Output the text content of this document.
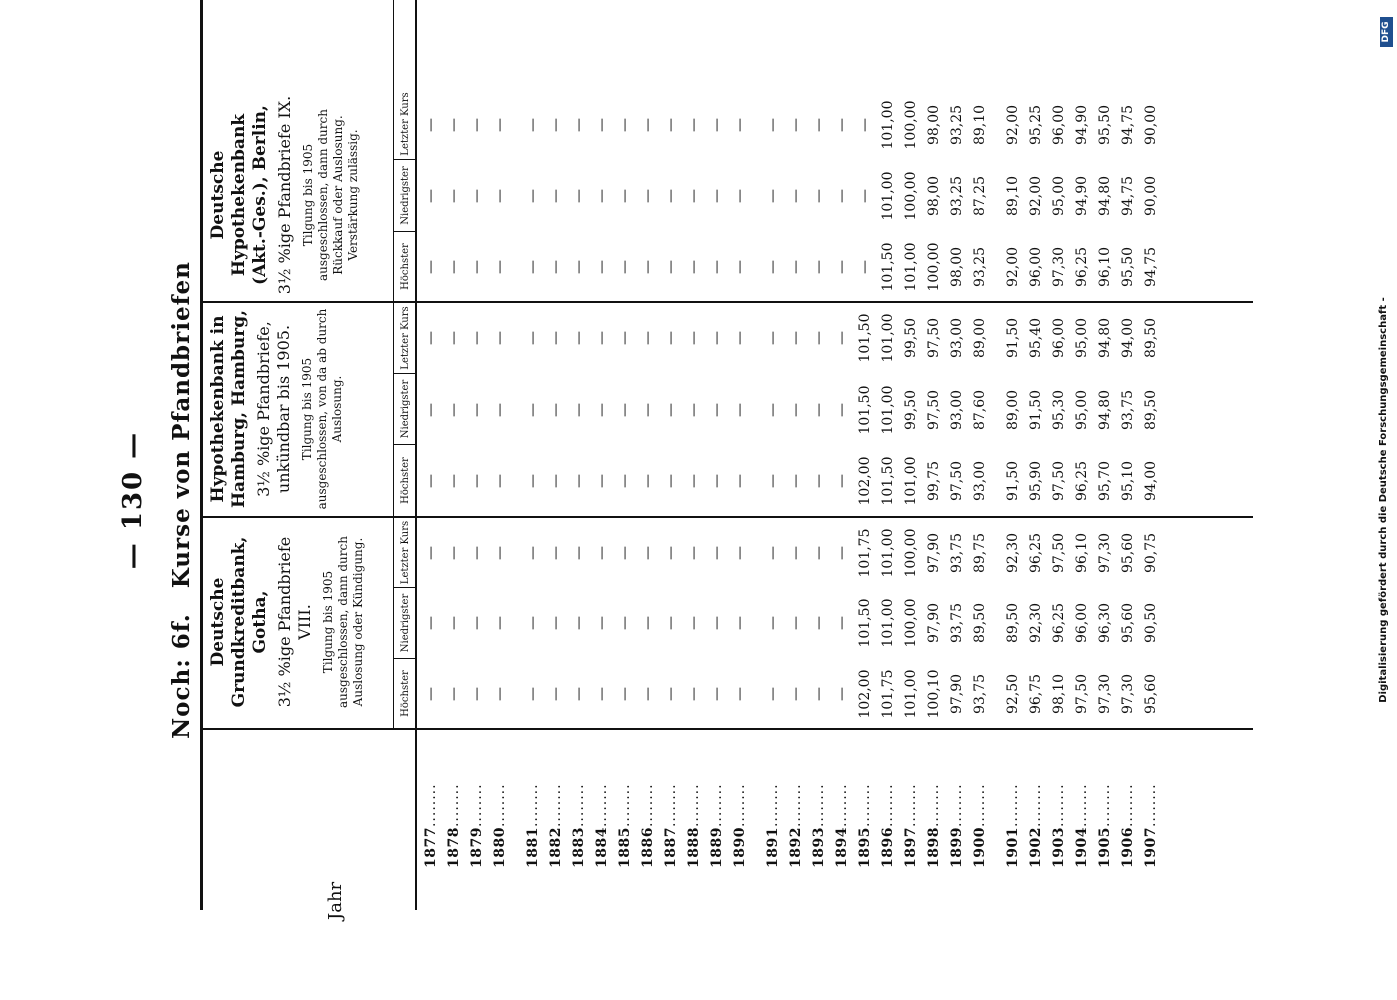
— 130 —
Noch: 6f. Kurse von Pfandbriefen
Jahr

Deutsche Grundkreditbank, Gotha, 3½ %ige Pfandbriefe VIII. Tilgung bis 1905 ausgeschlossen, dann durch Auslosung oder Kündigung.

Hypothekenbank in Hamburg, Hamburg, 3½ %ige Pfandbriefe, unkündbar bis 1905. Tilgung bis 1905 ausgeschlossen, von da ab durch Auslosung.

Deutsche Hypothekenbank (Akt.-Ges.), Berlin, 3½ %ige Pfandbriefe IX. Tilgung bis 1905 ausgeschlossen, dann durch Rückkauf oder Auslosung. Verstärkung zulässig.

Höchster
Niedrigster
Letzter Kurs
Höchster
Niedrigster
Letzter Kurs
Höchster
Niedrigster
Letzter Kurs
1877........
—
—
—
—
—
—
—
—
—
1878........
—
—
—
—
—
—
—
—
—
1879........
—
—
—
—
—
—
—
—
—
1880........
—
—
—
—
—
—
—
—
—
1881........
—
—
—
—
—
—
—
—
—
1882........
—
—
—
—
—
—
—
—
—
1883........
—
—
—
—
—
—
—
—
—
1884........
—
—
—
—
—
—
—
—
—
1885........
—
—
—
—
—
—
—
—
—
1886........
—
—
—
—
—
—
—
—
—
1887........
—
—
—
—
—
—
—
—
—
1888........
—
—
—
—
—
—
—
—
—
1889........
—
—
—
—
—
—
—
—
—
1890........
—
—
—
—
—
—
—
—
—
1891........
—
—
—
—
—
—
—
—
—
1892........
—
—
—
—
—
—
—
—
—
1893........
—
—
—
—
—
—
—
—
—
1894........
—
—
—
—
—
—
—
—
—
1895........
102,00
101,50
101,75
102,00
101,50
101,50
—
—
—
1896........
101,75
101,00
101,00
101,50
101,00
101,00
101,50
101,00
101,00
1897........
101,00
100,00
100,00
101,00
99,50
99,50
101,00
100,00
100,00
1898........
100,10
97,90
97,90
99,75
97,50
97,50
100,00
98,00
98,00
1899........
97,90
93,75
93,75
97,50
93,00
93,00
98,00
93,25
93,25
1900........
93,75
89,50
89,75
93,00
87,60
89,00
93,25
87,25
89,10
1901........
92,50
89,50
92,30
91,50
89,00
91,50
92,00
89,10
92,00
1902........
96,75
92,30
96,25
95,90
91,50
95,40
96,00
92,00
95,25
1903........
98,10
96,25
97,50
97,50
95,30
96,00
97,30
95,00
96,00
1904........
97,50
96,00
96,10
96,25
95,00
95,00
96,25
94,90
94,90
1905........
97,30
96,30
97,30
95,70
94,80
94,80
96,10
94,80
95,50
1906........
97,30
95,60
95,60
95,10
93,75
94,00
95,50
94,75
94,75
1907........
95,60
90,50
90,75
94,00
89,50
89,50
94,75
90,00
90,00
Digitalisierung gefördert durch die Deutsche Forschungsgemeinschaft -
DFG
